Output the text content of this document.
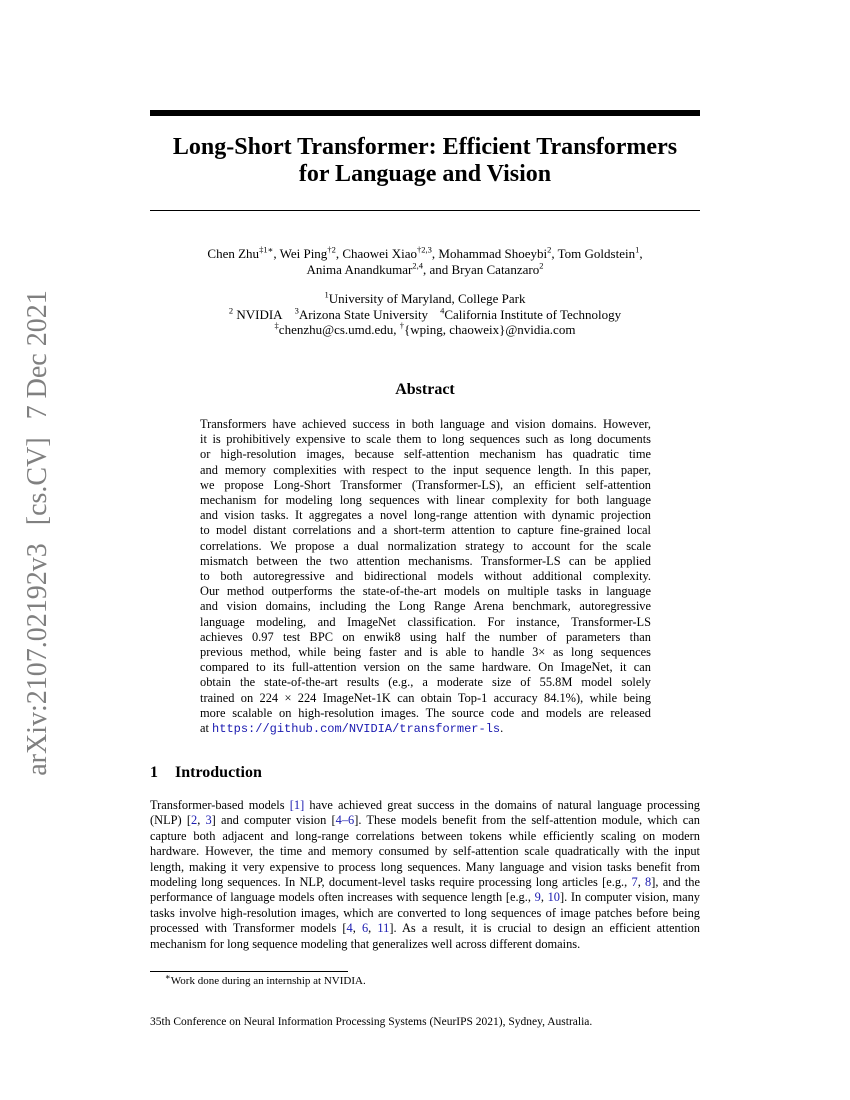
arXiv:2107.02192v3[cs.CV]7 Dec 2021
Long-Short Transformer: Efficient Transformers
for Language and Vision
Chen Zhu$^{\ddagger 1∗}$, Wei Ping$^{\dagger 2}$, Chaowei Xiao$^{\dagger 2,3}$, Mohammad Shoeybi$^2$, Tom Goldstein$^1$,
Anima Anandkumar$^{2,4}$, and Bryan Catanzaro$^2$
$^1$University of Maryland, College Park
$^2$ NVIDIA $^3$Arizona State University $^4$California Institute of Technology
‡chenzhu@cs.umd.edu, †{wping, chaoweix}@nvidia.com
Abstract
Transformers have achieved success in both language and vision domains. However,
it is prohibitively expensive to scale them to long sequences such as long documents
or high-resolution images, because self-attention mechanism has quadratic time
and memory complexities with respect to the input sequence length. In this paper,
we propose Long-Short Transformer (Transformer-LS), an efficient self-attention
mechanism for modeling long sequences with linear complexity for both language
and vision tasks. It aggregates a novel long-range attention with dynamic projection
to model distant correlations and a short-term attention to capture fine-grained local
correlations. We propose a dual normalization strategy to account for the scale
mismatch between the two attention mechanisms. Transformer-LS can be applied
to both autoregressive and bidirectional models without additional complexity.
Our method outperforms the state-of-the-art models on multiple tasks in language
and vision domains, including the Long Range Arena benchmark, autoregressive
language modeling, and ImageNet classification. For instance, Transformer-LS
achieves 0.97 test BPC on enwik8 using half the number of parameters than
previous method, while being faster and is able to handle 3× as long sequences
compared to its full-attention version on the same hardware. On ImageNet, it can
obtain the state-of-the-art results (e.g., a moderate size of 55.8M model solely
trained on 224 × 224 ImageNet-1K can obtain Top-1 accuracy 84.1%), while being
more scalable on high-resolution images. The source code and models are released
at https://github.com/NVIDIA/transformer-ls.
1 Introduction
Transformer-based models [1] have achieved great success in the domains of natural language processing (NLP) [2, 3] and computer vision [4–6]. These models benefit from the self-attention module, which can capture both adjacent and long-range correlations between tokens while efficiently scaling on modern hardware. However, the time and memory consumed by self-attention scale quadratically with the input length, making it very expensive to process long sequences. Many language and vision tasks benefit from modeling long sequences. In NLP, document-level tasks require processing long articles [e.g., 7, 8], and the performance of language models often increases with sequence length [e.g., 9, 10]. In computer vision, many tasks involve high-resolution images, which are converted to long sequences of image patches before being processed with Transformer models [4, 6, 11]. As a result, it is crucial to design an efficient attention mechanism for long sequence modeling that generalizes well across different domains.
∗Work done during an internship at NVIDIA.
35th Conference on Neural Information Processing Systems (NeurIPS 2021), Sydney, Australia.
